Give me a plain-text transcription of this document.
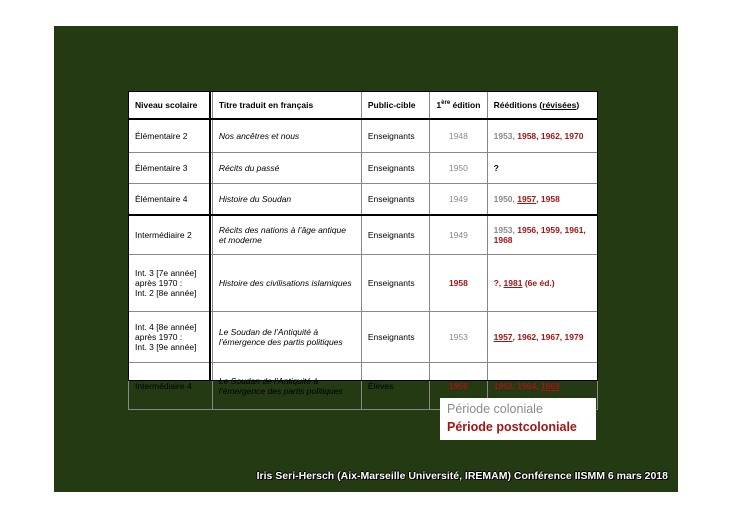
Niveau scolaire	Titre traduit en français	Public-cible	1ère édition	Rééditions (révisées)
Élémentaire 2	Nos ancêtres et nous	Enseignants	1948	1953, 1958, 1962, 1970
Élémentaire 3	Récits du passé	Enseignants	1950	?
Élémentaire 4	Histoire du Soudan	Enseignants	1949	1950, 1957, 1958
Intermédiaire 2	Récits des nations à l’âge antique et moderne	Enseignants	1949	1953, 1956, 1959, 1961, 1968

Int. 3 [7e année]
après 1970 :
Int. 2 [8e année]	Histoire des civilisations islamiques	Enseignants	1958	?, 1981 (6e éd.)

Int. 4 [8e année]
après 1970 :
Int. 3 [9e année]	Le Soudan de l’Antiquité à l’émergence des partis politiques	Enseignants	1953	1957, 1962, 1967, 1979
Intermédiaire 4	Le Soudan de l’Antiquité à l’émergence des partis politiques	Élèves	1956	1962, 1964, 1969
Période coloniale
Période postcoloniale
Iris Seri-Hersch (Aix-Marseille Université, IREMAM) Conférence IISMM 6 mars 2018
